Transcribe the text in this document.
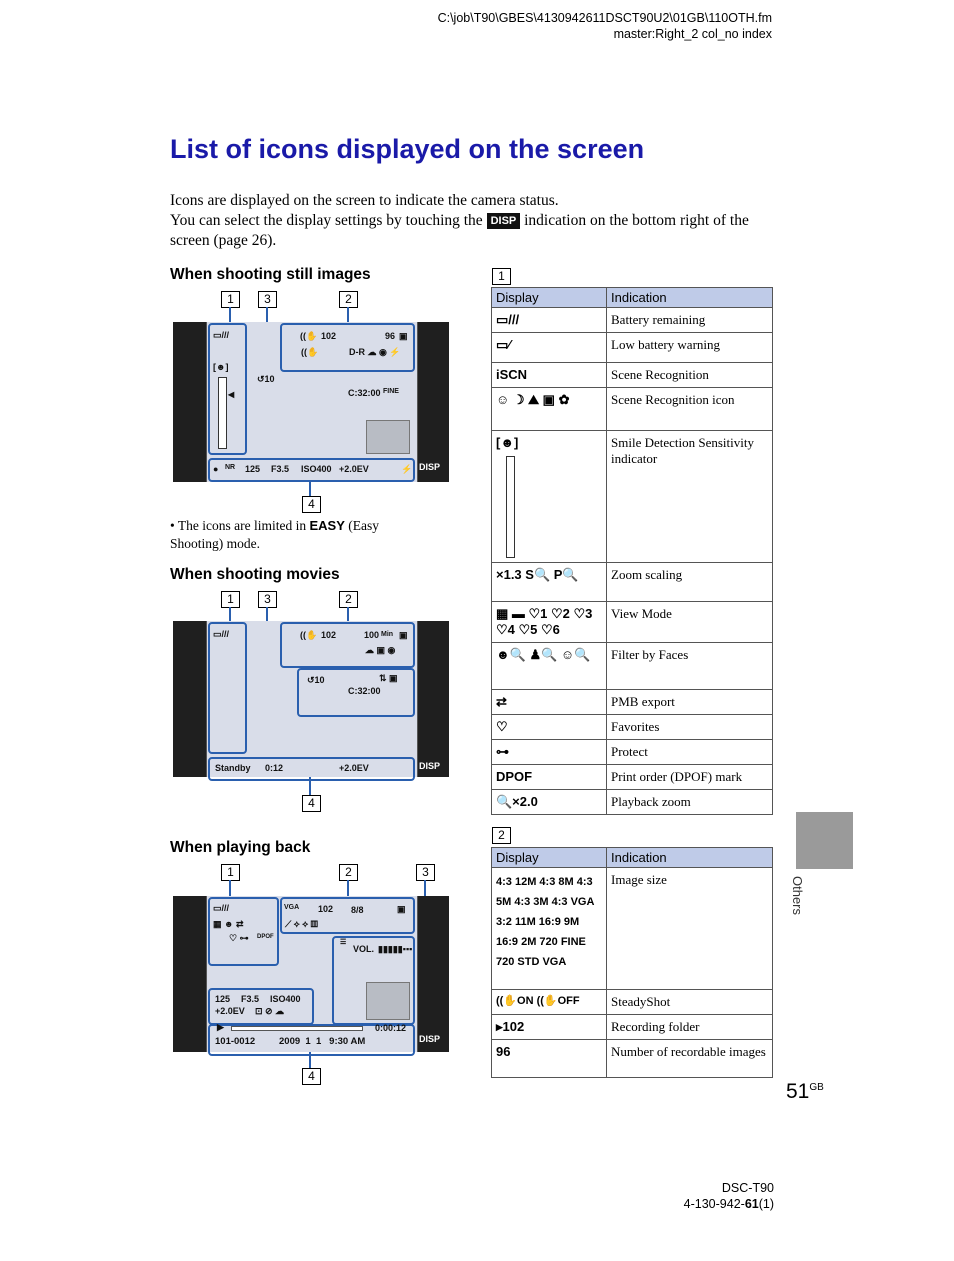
C:\job\T90\GBES\4130942611DSCT90U2\01GB\110OTH.fm
master:Right_2 col_no index
List of icons displayed on the screen
Icons are displayed on the screen to indicate the camera status.
You can select the display settings by touching the DISP indication on the bottom right of the screen (page 26).
When shooting still images
1	3	2
▭///
[☻]
◀
((✋ 102	96 ▣
D-R ☁ ◉ ⚡
((✋
↺10
C:32:00 FINE
● NR 125 F3.5 ISO400 +2.0EV	⚡ DISP
4
• The icons are limited in EASY (Easy Shooting) mode.
When shooting movies
1	3	2
▭///	((✋ 102	100 Min ▣
☁ ▣ ◉
↺10	⇅ ▣
C:32:00
Standby 0:12	+2.0EV	DISP
4
When playing back
1	2	3
▭///
▦ ☻ ⇄
♡ ⊶ DPOF
VGA 102 8/8	▣
⟋ ⟡ ⟡ ▥
☰
VOL. ▮▮▮▮▮▪▪▪
125 F3.5 ISO400
+2.0EV ⊡ ⊘ ☁
▶	0:00:12
101-0012	2009  1  1   9:30 AM	DISP
4
1
Display	Indication
▭///	Battery remaining
▭⁄	Low battery warning
iSCN	Scene Recognition
☺ ☽ ⛰ ▣ ✿	Scene Recognition icon

[☻]	Smile Detection Sensitivity indicator
×1.3 S🔍 P🔍	Zoom scaling
▦ ▬ ♡1 ♡2 ♡3 ♡4 ♡5 ♡6	View Mode
☻🔍 ♟🔍 ☺🔍	Filter by Faces
⇄	PMB export
♡	Favorites
⊶	Protect
DPOF	Print order (DPOF) mark
🔍×2.0	Playback zoom
2
Display	Indication
4:3 12M 4:3 8M 4:3 5M 4:3 3M 4:3 VGA 3:2 11M 16:9 9M 16:9 2M 720 FINE 720 STD VGA	Image size
((✋ON ((✋OFF	SteadyShot
▸102	Recording folder
96	Number of recordable images
Others
$51^{GB}$
DSC-T90
4-130-942-61(1)
